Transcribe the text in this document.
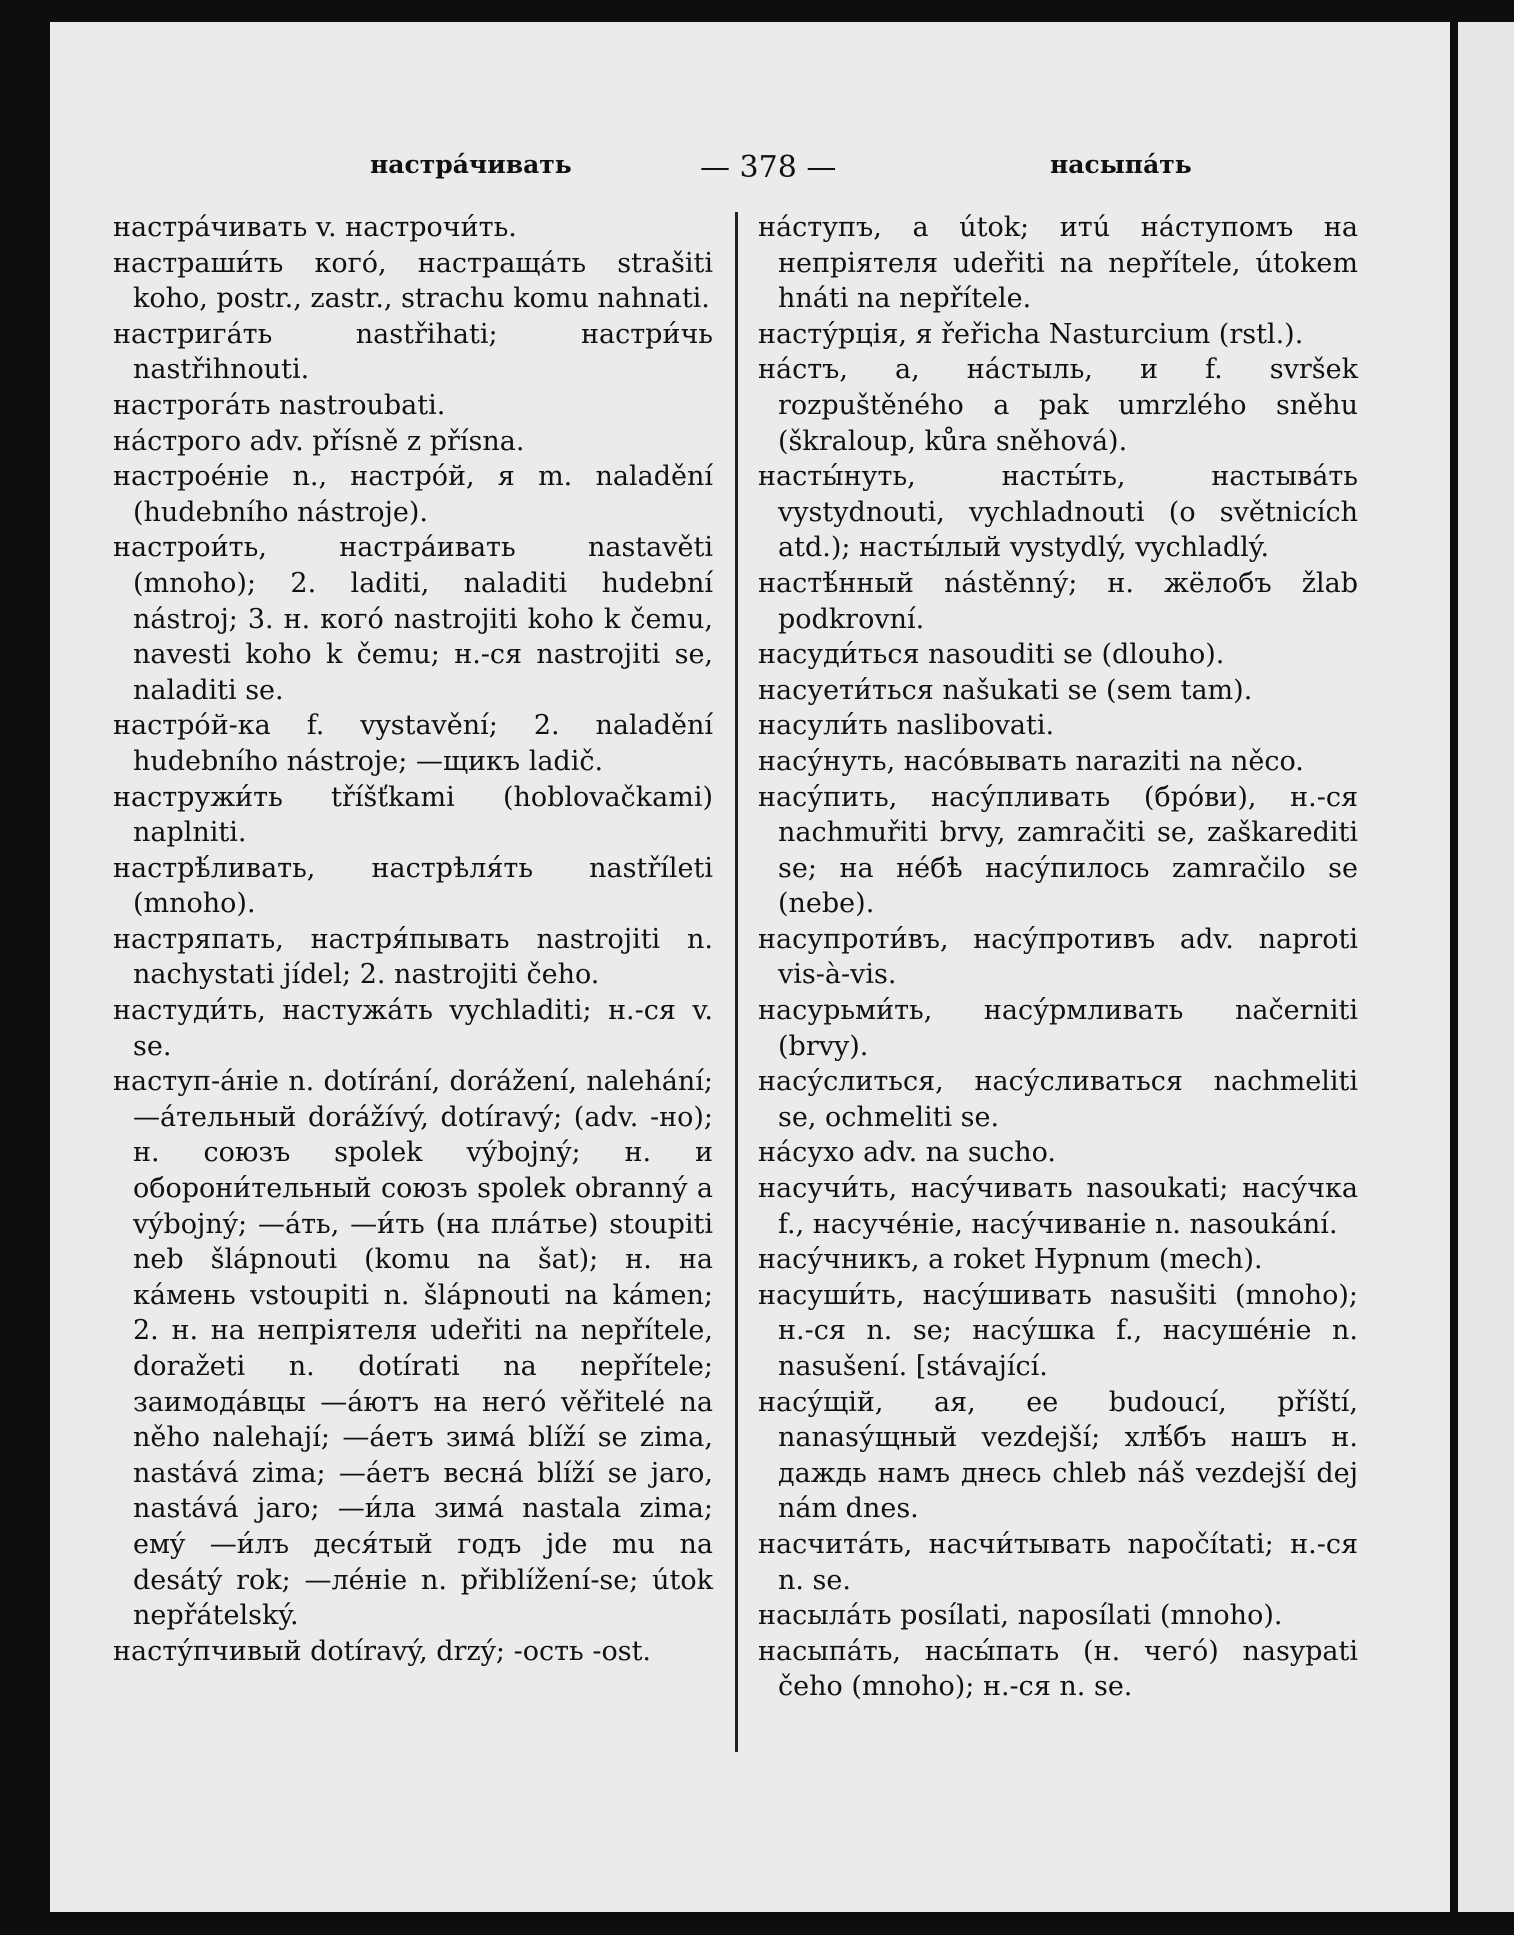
настрáчивать	— 378 —	насыпáть

настрáчивать v. настрочи́ть.

настраши́ть когó, настращáть strašiti koho, postr., zastr., strachu komu nahnati.

настригáть nastřihati; настри́чь nastřihnouti.

настрогáть nastroubati.

нáстрого adv. přísně z přísna.

настроéніе n., настрóй, я m. naladění (hudebního nástroje).

настрои́ть, настрáивать nastavěti (mnoho); 2. laditi, naladiti hudební nástroj; 3. н. когó nastrojiti koho k čemu, navesti koho k čemu; н.-ся nastrojiti se, naladiti se.

настрóй-ка f. vystavění; 2. naladění hudebního nástroje; —щикъ ladič.

настружи́ть tříšťkami (hoblovačkami) naplniti.

настрѣ́ливать, настрѣля́ть nastříleti (mnoho).

настряпать, настря́пывать nastrojiti n. nachystati jídel; 2. nastrojiti čeho.

настуди́ть, настужáть vychladiti; н.-ся v. se.

наступ-áніе n. dotírání, dorážení, nalehání; —áтельный dorážívý, dotíravý; (adv. -но); н. союзъ spolek výbojný; н. и оборони́тельный союзъ spolek obranný a výbojný; —áть, —и́ть (на плáтье) stoupiti neb šlápnouti (komu na šat); н. на кáмень vstoupiti n. šlápnouti na kámen; 2. н. на непріятеля udeřiti na nepřítele, doražeti n. dotírati na nepřítele; заимодáвцы —áютъ на негó věřitelé na něho nalehají; —áетъ зимá blíží se zima, nastává zima; —áетъ веснá blíží se jaro, nastává jaro; —и́ла зимá nastala zima; емý —и́лъ деся́тый годъ jde mu na desátý rok; —лéніе n. přiblížení-se; útok nepřátelský.

насту́пчивый dotíravý, drzý; -ость -ost.

нáступъ, а útok; итú нáступомъ на непріятеля udeřiti na nepřítele, útokem hnáti na nepřítele.

насту́рція, я řeřicha Nasturcium (rstl.).

нáстъ, а, нáстыль, и f. svršek rozpuštěného a pak umrzlého sněhu (škraloup, kůra sněhová).

насты́нуть, насты́ть, настывáть vystydnouti, vychladnouti (o světnicích atd.); насты́лый vystydlý, vychladlý.

настѣ́нный nástěnný; н. жёлобъ žlab podkrovní.

насуди́ться nasouditi se (dlouho).

насуети́ться našukati se (sem tam).

насули́ть naslibovati.

насу́нуть, насóвывать naraziti na něco.

насу́пить, насу́пливать (брóви), н.-ся nachmuřiti brvy, zamračiti se, zaškarediti se; на нéбѣ насу́пилось zamračilo se (nebe).

насупроти́въ, насу́противъ adv. naproti vis-à-vis.

насурьми́ть, насу́рмливать načerniti (brvy).

насу́слиться, насу́сливаться nachmeliti se, ochmeliti se.

нáсухо adv. na sucho.

насучи́ть, насу́чивать nasoukati; насу́чка f., насучéніе, насу́чиваніе n. nasoukání.

насу́чникъ, а roket Hypnum (mech).

насуши́ть, насу́шивать nasušiti (mnoho); н.-ся n. se; насу́шка f., насушéніе n. nasušení. [stávající.

насу́щій, ая, ее budoucí, příští, nanasу́щный vezdejší; хлѣ́бъ нашъ н. даждь намъ днесь chleb náš vezdejší dej nám dnes.

насчитáть, насчи́тывать napočítati; н.-ся n. se.

насылáть posílati, naposílati (mnoho).

насыпáть, насы́пать (н. чегó) nasypati čeho (mnoho); н.-ся n. se.
